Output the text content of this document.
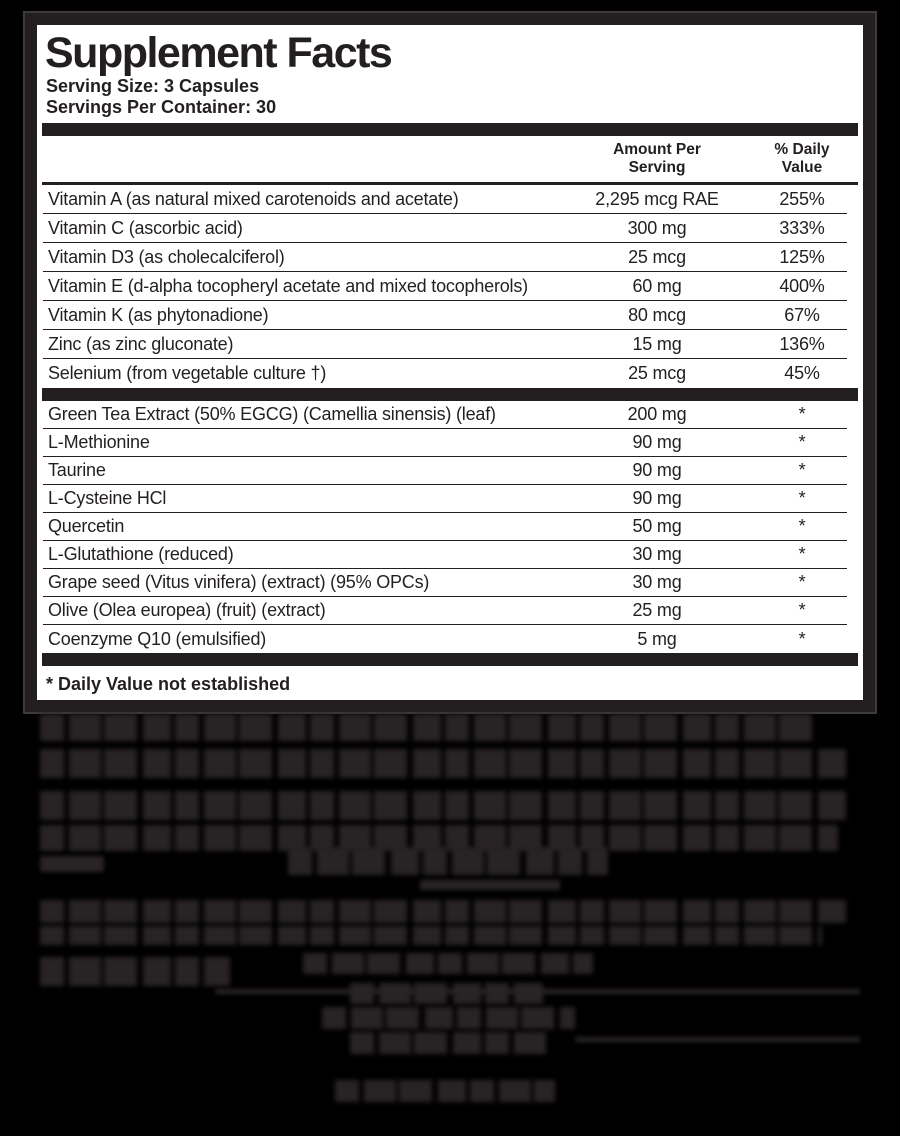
Supplement Facts
Serving Size: 3 Capsules
Servings Per Container: 30
Amount Per Serving
% Daily Value
Vitamin A (as natural mixed carotenoids and acetate)	2,295 mcg RAE	255%
Vitamin C (ascorbic acid)	300 mg	333%
Vitamin D3 (as cholecalciferol)	25 mcg	125%
Vitamin E (d-alpha tocopheryl acetate and mixed tocopherols)	60 mg	400%
Vitamin K (as phytonadione)	80 mcg	67%
Zinc (as zinc gluconate)	15 mg	136%
Selenium (from vegetable culture †)	25 mcg	45%
Green Tea Extract (50% EGCG) (Camellia sinensis) (leaf)	200 mg	*
L-Methionine	90 mg	*
Taurine	90 mg	*
L-Cysteine HCl	90 mg	*
Quercetin	50 mg	*
L-Glutathione (reduced)	30 mg	*
Grape seed (Vitus vinifera) (extract) (95% OPCs)	30 mg	*
Olive (Olea europea) (fruit) (extract)	25 mg	*
Coenzyme Q10 (emulsified)	5 mg	*
* Daily Value not established
